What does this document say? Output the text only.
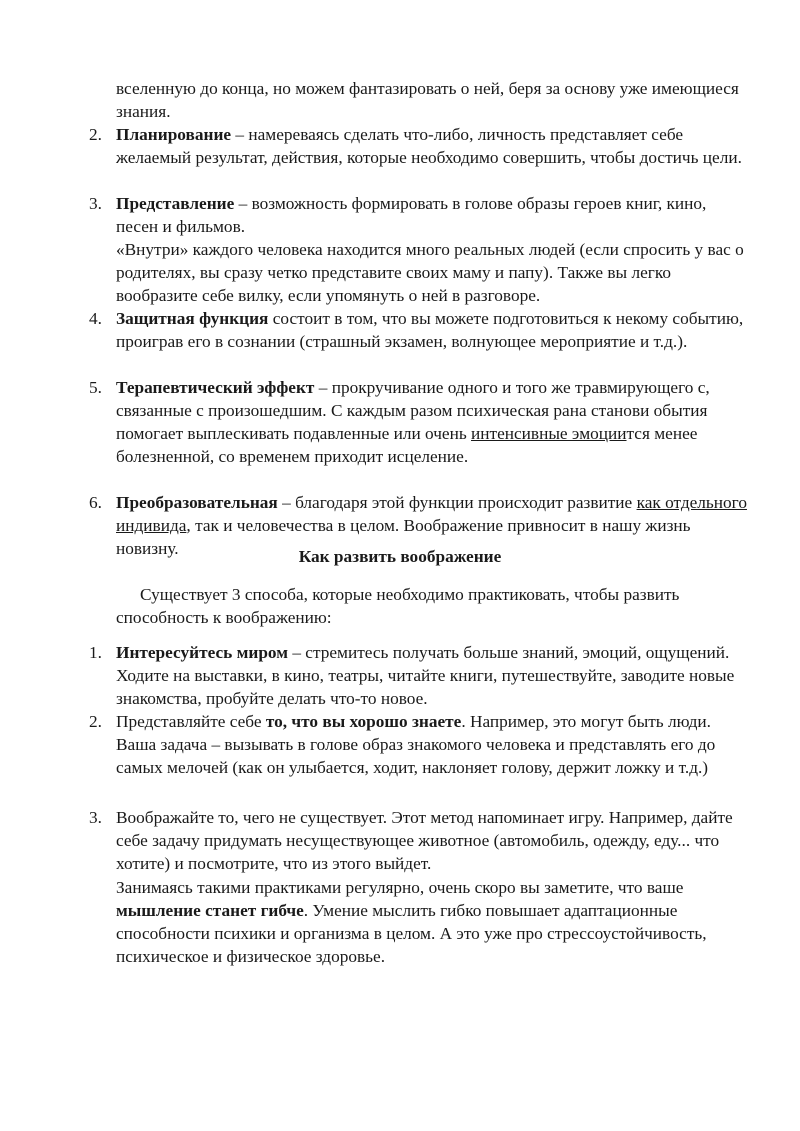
вселенную до конца, но можем фантазировать о ней, беря за основу уже имеющиеся знания.
2. Планирование – намереваясь сделать что-либо, личность представляет себе желаемый результат, действия, которые необходимо совершить, чтобы достичь цели.
3. Представление – возможность формировать в голове образы героев книг, кино, песен и фильмов.
«Внутри» каждого человека находится много реальных людей (если спросить у вас о родителях, вы сразу четко представите своих маму и папу). Также вы легко вообразите себе вилку, если упомянуть о ней в разговоре.
4. Защитная функция состоит в том, что вы можете подготовиться к некому событию, проиграв его в сознании (страшный экзамен, волнующее мероприятие и т.д.).
5. Терапевтический эффект – прокручивание одного и того же травмирующего с, связанные с произошедшим. С каждым разом психическая рана станови обытия помогает выплескивать подавленные или очень интенсивные эмоциится менее болезненной, со временем приходит исцеление.
6. Преобразовательная – благодаря этой функции происходит развитие как отдельного индивида, так и человечества в целом. Воображение привносит в нашу жизнь новизну.	Как развить воображение
Существует 3 способа, которые необходимо практиковать, чтобы развить способность к воображению:
1. Интересуйтесь миром – стремитесь получать больше знаний, эмоций, ощущений. Ходите на выставки, в кино, театры, читайте книги, путешествуйте, заводите новые знакомства, пробуйте делать что-то новое.
2. Представляйте себе то, что вы хорошо знаете. Например, это могут быть люди. Ваша задача – вызывать в голове образ знакомого человека и представлять его до самых мелочей (как он улыбается, ходит, наклоняет голову, держит ложку и т.д.)
3. Воображайте то, чего не существует. Этот метод напоминает игру. Например, дайте себе задачу придумать несуществующее животное (автомобиль, одежду, еду... что хотите) и посмотрите, что из этого выйдет.
Занимаясь такими практиками регулярно, очень скоро вы заметите, что ваше мышление станет гибче. Умение мыслить гибко повышает адаптационные способности психики и организма в целом. А это уже про стрессоустойчивость, психическое и физическое здоровье.
